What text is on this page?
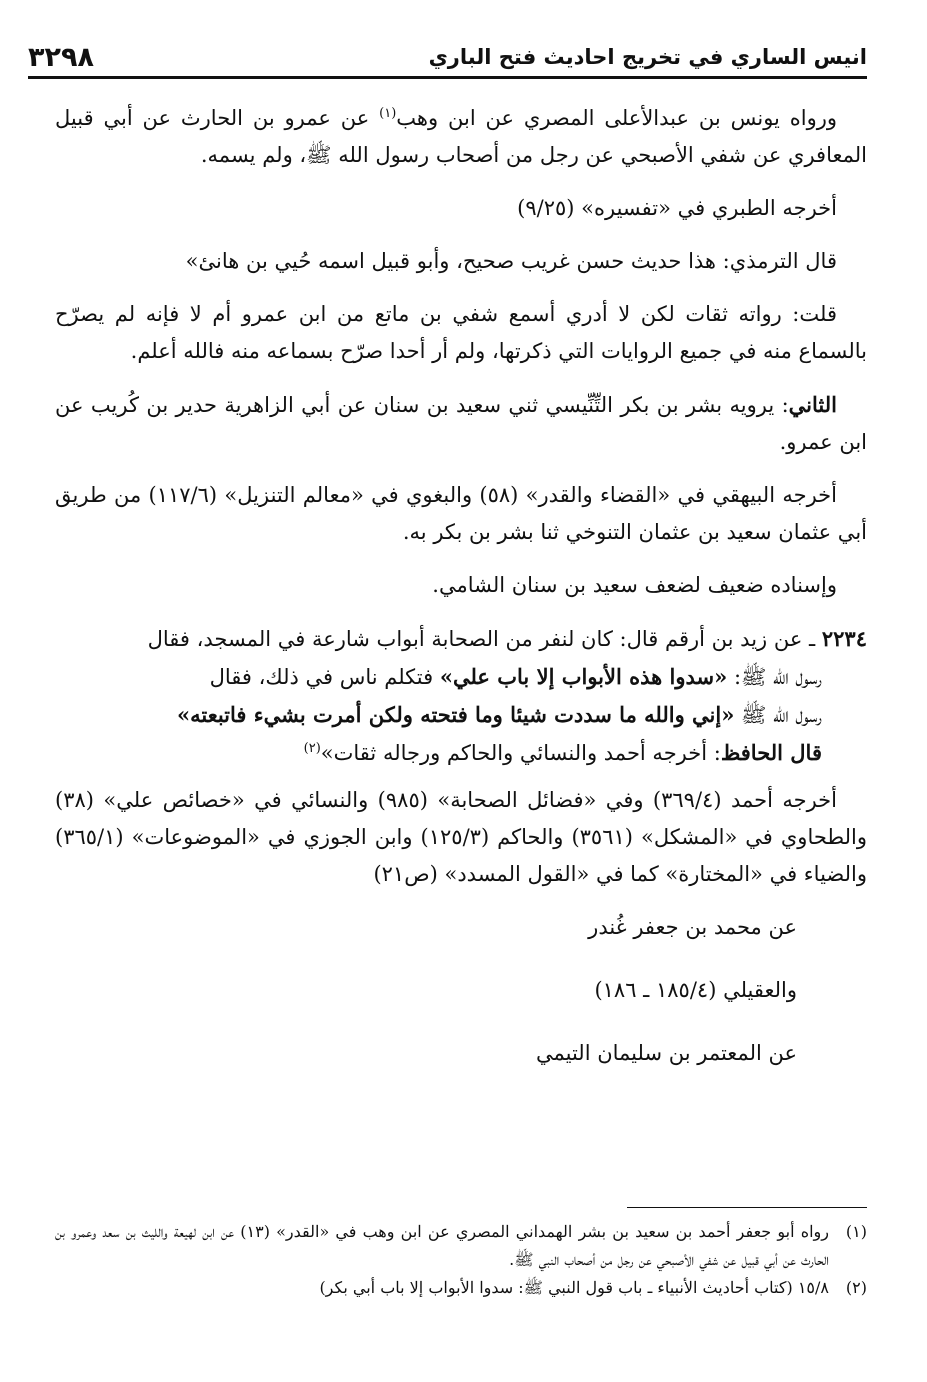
انيس الساري في تخريج احاديث فتح الباري
٣٢٩٨

ورواه يونس بن عبدالأعلى المصري عن ابن وهب$^{(١)}$ عن عمرو بن الحارث عن أبي قبيل المعافري عن شفي الأصبحي عن رجل من أصحاب رسول الله ﷺ، ولم يسمه.

أخرجه الطبري في «تفسيره» (٩/٢٥)

قال الترمذي: هذا حديث حسن غريب صحيح، وأبو قبيل اسمه حُيي بن هانئ»

قلت: رواته ثقات لكن لا أدري أسمع شفي بن ماتع من ابن عمرو أم لا فإنه لم يصرّح بالسماع منه في جميع الروايات التي ذكرتها، ولم أر أحدا صرّح بسماعه منه فالله أعلم.

الثاني: يرويه بشر بن بكر التِّنِّيسي ثني سعيد بن سنان عن أبي الزاهرية حدير بن كُريب عن ابن عمرو.

أخرجه البيهقي في «القضاء والقدر» (٥٨) والبغوي في «معالم التنزيل» (١١٧/٦) من طريق أبي عثمان سعيد بن عثمان التنوخي ثنا بشر بن بكر به.

وإسناده ضعيف لضعف سعيد بن سنان الشامي.

٢٢٣٤ ـ عن زيد بن أرقم قال: كان لنفر من الصحابة أبواب شارعة في المسجد، فقال
رسول الله ﷺ: «سدوا هذه الأبواب إلا باب علي» فتكلم ناس في ذلك، فقال
رسول الله ﷺ «إني والله ما سددت شيئا وما فتحته ولكن أمرت بشيء فاتبعته»
قال الحافظ: أخرجه أحمد والنسائي والحاكم ورجاله ثقات»$^{(٢)}$

أخرجه أحمد (٣٦٩/٤) وفي «فضائل الصحابة» (٩٨٥) والنسائي في «خصائص علي» (٣٨) والطحاوي في «المشكل» (٣٥٦١) والحاكم (١٢٥/٣) وابن الجوزي في «الموضوعات» (٣٦٥/١) والضياء في «المختارة» كما في «القول المسدد» (ص٢١)

عن محمد بن جعفر غُندر

والعقيلي (١٨٥/٤ ـ ١٨٦)

عن المعتمر بن سليمان التيمي

(١)
رواه أبو جعفر أحمد بن سعيد بن بشر الهمداني المصري عن ابن وهب في «القدر» (١٣) عن ابن لهيعة والليث بن سعد وعمرو بن الحارث عن أبي قبيل عن شفي الأصبحي عن رجل من أصحاب النبي ﷺ.
(٢)
١٥/٨ (كتاب أحاديث الأنبياء ـ باب قول النبي ﷺ: سدوا الأبواب إلا باب أبي بكر)
